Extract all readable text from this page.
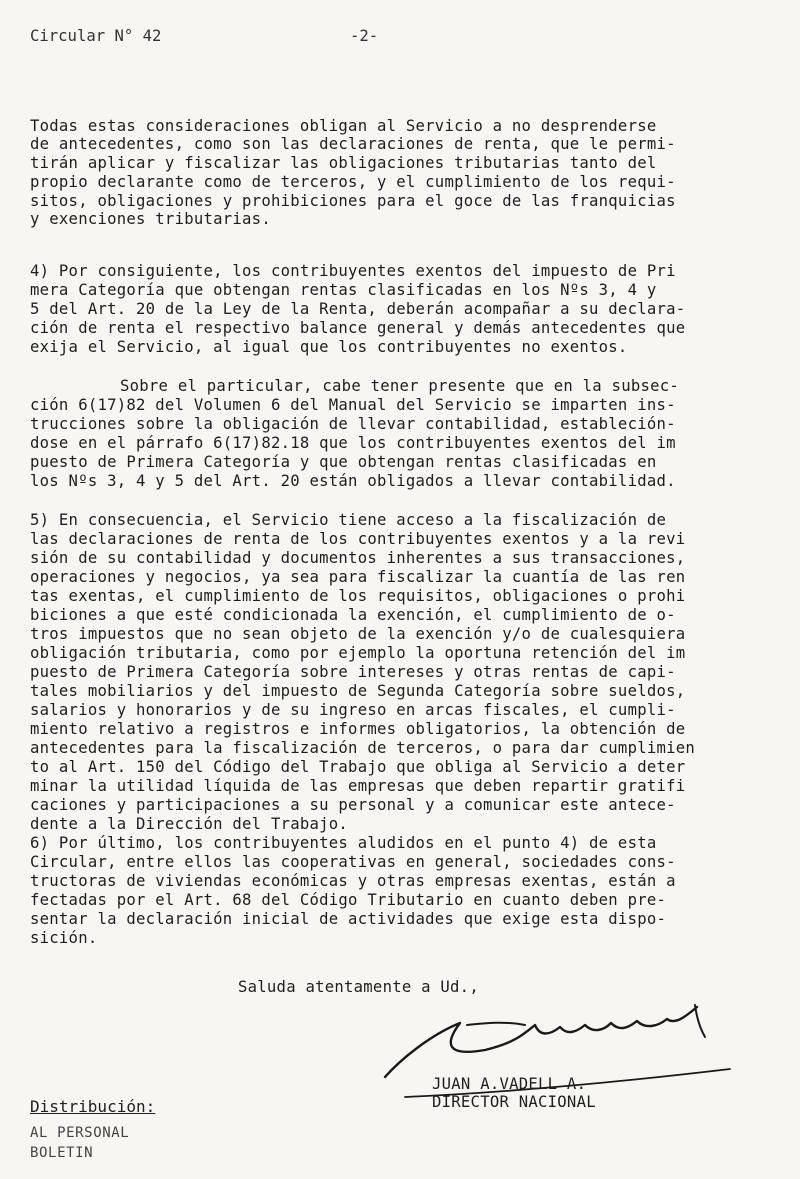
Circular N° 42	-2-
Todas estas consideraciones obligan al Servicio a no desprenderse
de antecedentes, como son las declaraciones de renta, que le permi-
tirán aplicar y fiscalizar las obligaciones tributarias tanto del
propio declarante como de terceros, y el cumplimiento de los requi-
sitos, obligaciones y prohibiciones para el goce de las franquicias
y exenciones tributarias.
4) Por consiguiente, los contribuyentes exentos del impuesto de Pri
mera Categoría que obtengan rentas clasificadas en los Nºs 3, 4 y
5 del Art. 20 de la Ley de la Renta, deberán acompañar a su declara-
ción de renta el respectivo balance general y demás antecedentes que
exija el Servicio, al igual que los contribuyentes no exentos.
Sobre el particular, cabe tener presente que en la subsec-
ción 6(17)82 del Volumen 6 del Manual del Servicio se imparten ins-
trucciones sobre la obligación de llevar contabilidad, estableción-
dose en el párrafo 6(17)82.18 que los contribuyentes exentos del im
puesto de Primera Categoría y que obtengan rentas clasificadas en
los Nºs 3, 4 y 5 del Art. 20 están obligados a llevar contabilidad.
5) En consecuencia, el Servicio tiene acceso a la fiscalización de
las declaraciones de renta de los contribuyentes exentos y a la revi
sión de su contabilidad y documentos inherentes a sus transacciones,
operaciones y negocios, ya sea para fiscalizar la cuantía de las ren
tas exentas, el cumplimiento de los requisitos, obligaciones o prohi
biciones a que esté condicionada la exención, el cumplimiento de o-
tros impuestos que no sean objeto de la exención y/o de cualesquiera
obligación tributaria, como por ejemplo la oportuna retención del im
puesto de Primera Categoría sobre intereses y otras rentas de capi-
tales mobiliarios y del impuesto de Segunda Categoría sobre sueldos,
salarios y honorarios y de su ingreso en arcas fiscales, el cumpli-
miento relativo a registros e informes obligatorios, la obtención de
antecedentes para la fiscalización de terceros, o para dar cumplimien
to al Art. 150 del Código del Trabajo que obliga al Servicio a deter
minar la utilidad líquida de las empresas que deben repartir gratifi
caciones y participaciones a su personal y a comunicar este antece-
dente a la Dirección del Trabajo.
6) Por último, los contribuyentes aludidos en el punto 4) de esta
Circular, entre ellos las cooperativas en general, sociedades cons-
tructoras de viviendas económicas y otras empresas exentas, están a
fectadas por el Art. 68 del Código Tributario en cuanto deben pre-
sentar la declaración inicial de actividades que exige esta dispo-
sición.
Saluda atentamente a Ud.,
JUAN A.VADELL A.
DIRECTOR NACIONAL
Distribución:
AL PERSONAL
BOLETIN
